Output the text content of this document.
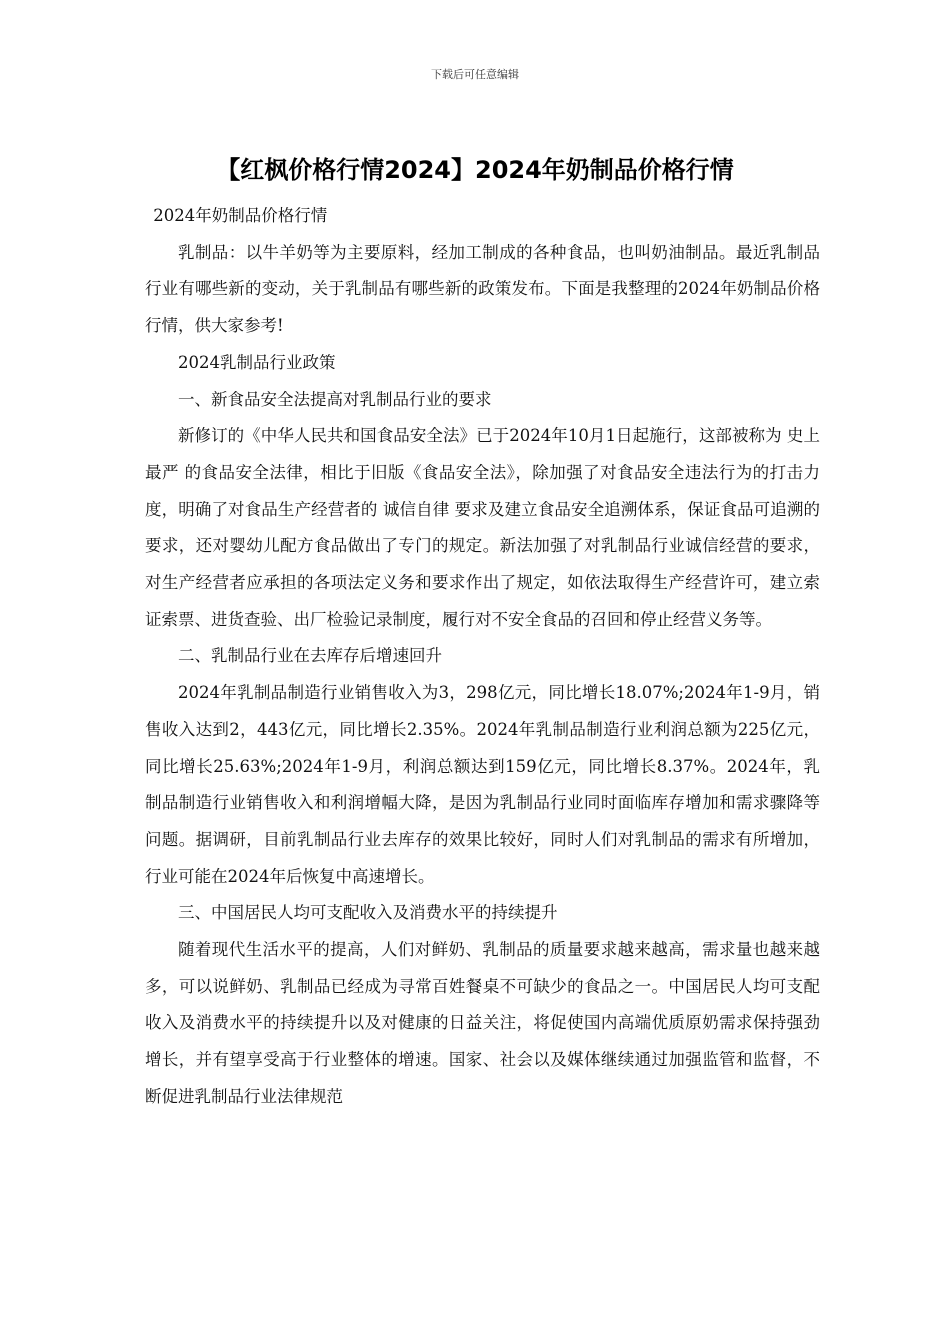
下载后可任意编辑
【红枫价格行情2024】2024年奶制品价格行情

2024年奶制品价格行情

乳制品：以牛羊奶等为主要原料，经加工制成的各种食品，也叫奶油制品。最近乳制品行业有哪些新的变动，关于乳制品有哪些新的政策发布。下面是我整理的2024年奶制品价格行情，供大家参考!

2024乳制品行业政策

一、新食品安全法提高对乳制品行业的要求

新修订的《中华人民共和国食品安全法》已于2024年10月1日起施行，这部被称为 史上最严 的食品安全法律，相比于旧版《食品安全法》，除加强了对食品安全违法行为的打击力度，明确了对食品生产经营者的 诚信自律 要求及建立食品安全追溯体系，保证食品可追溯的要求，还对婴幼儿配方食品做出了专门的规定。新法加强了对乳制品行业诚信经营的要求，对生产经营者应承担的各项法定义务和要求作出了规定，如依法取得生产经营许可，建立索证索票、进货查验、出厂检验记录制度，履行对不安全食品的召回和停止经营义务等。

二、乳制品行业在去库存后增速回升

2024年乳制品制造行业销售收入为3，298亿元，同比增长18.07%;2024年1-9月，销售收入达到2，443亿元，同比增长2.35%。2024年乳制品制造行业利润总额为225亿元，同比增长25.63%;2024年1-9月，利润总额达到159亿元，同比增长8.37%。2024年，乳制品制造行业销售收入和利润增幅大降，是因为乳制品行业同时面临库存增加和需求骤降等问题。据调研，目前乳制品行业去库存的效果比较好，同时人们对乳制品的需求有所增加，行业可能在2024年后恢复中高速增长。

三、中国居民人均可支配收入及消费水平的持续提升

随着现代生活水平的提高，人们对鲜奶、乳制品的质量要求越来越高，需求量也越来越多，可以说鲜奶、乳制品已经成为寻常百姓餐桌不可缺少的食品之一。中国居民人均可支配收入及消费水平的持续提升以及对健康的日益关注，将促使国内高端优质原奶需求保持强劲增长，并有望享受高于行业整体的增速。国家、社会以及媒体继续通过加强监管和监督，不断促进乳制品行业法律规范
